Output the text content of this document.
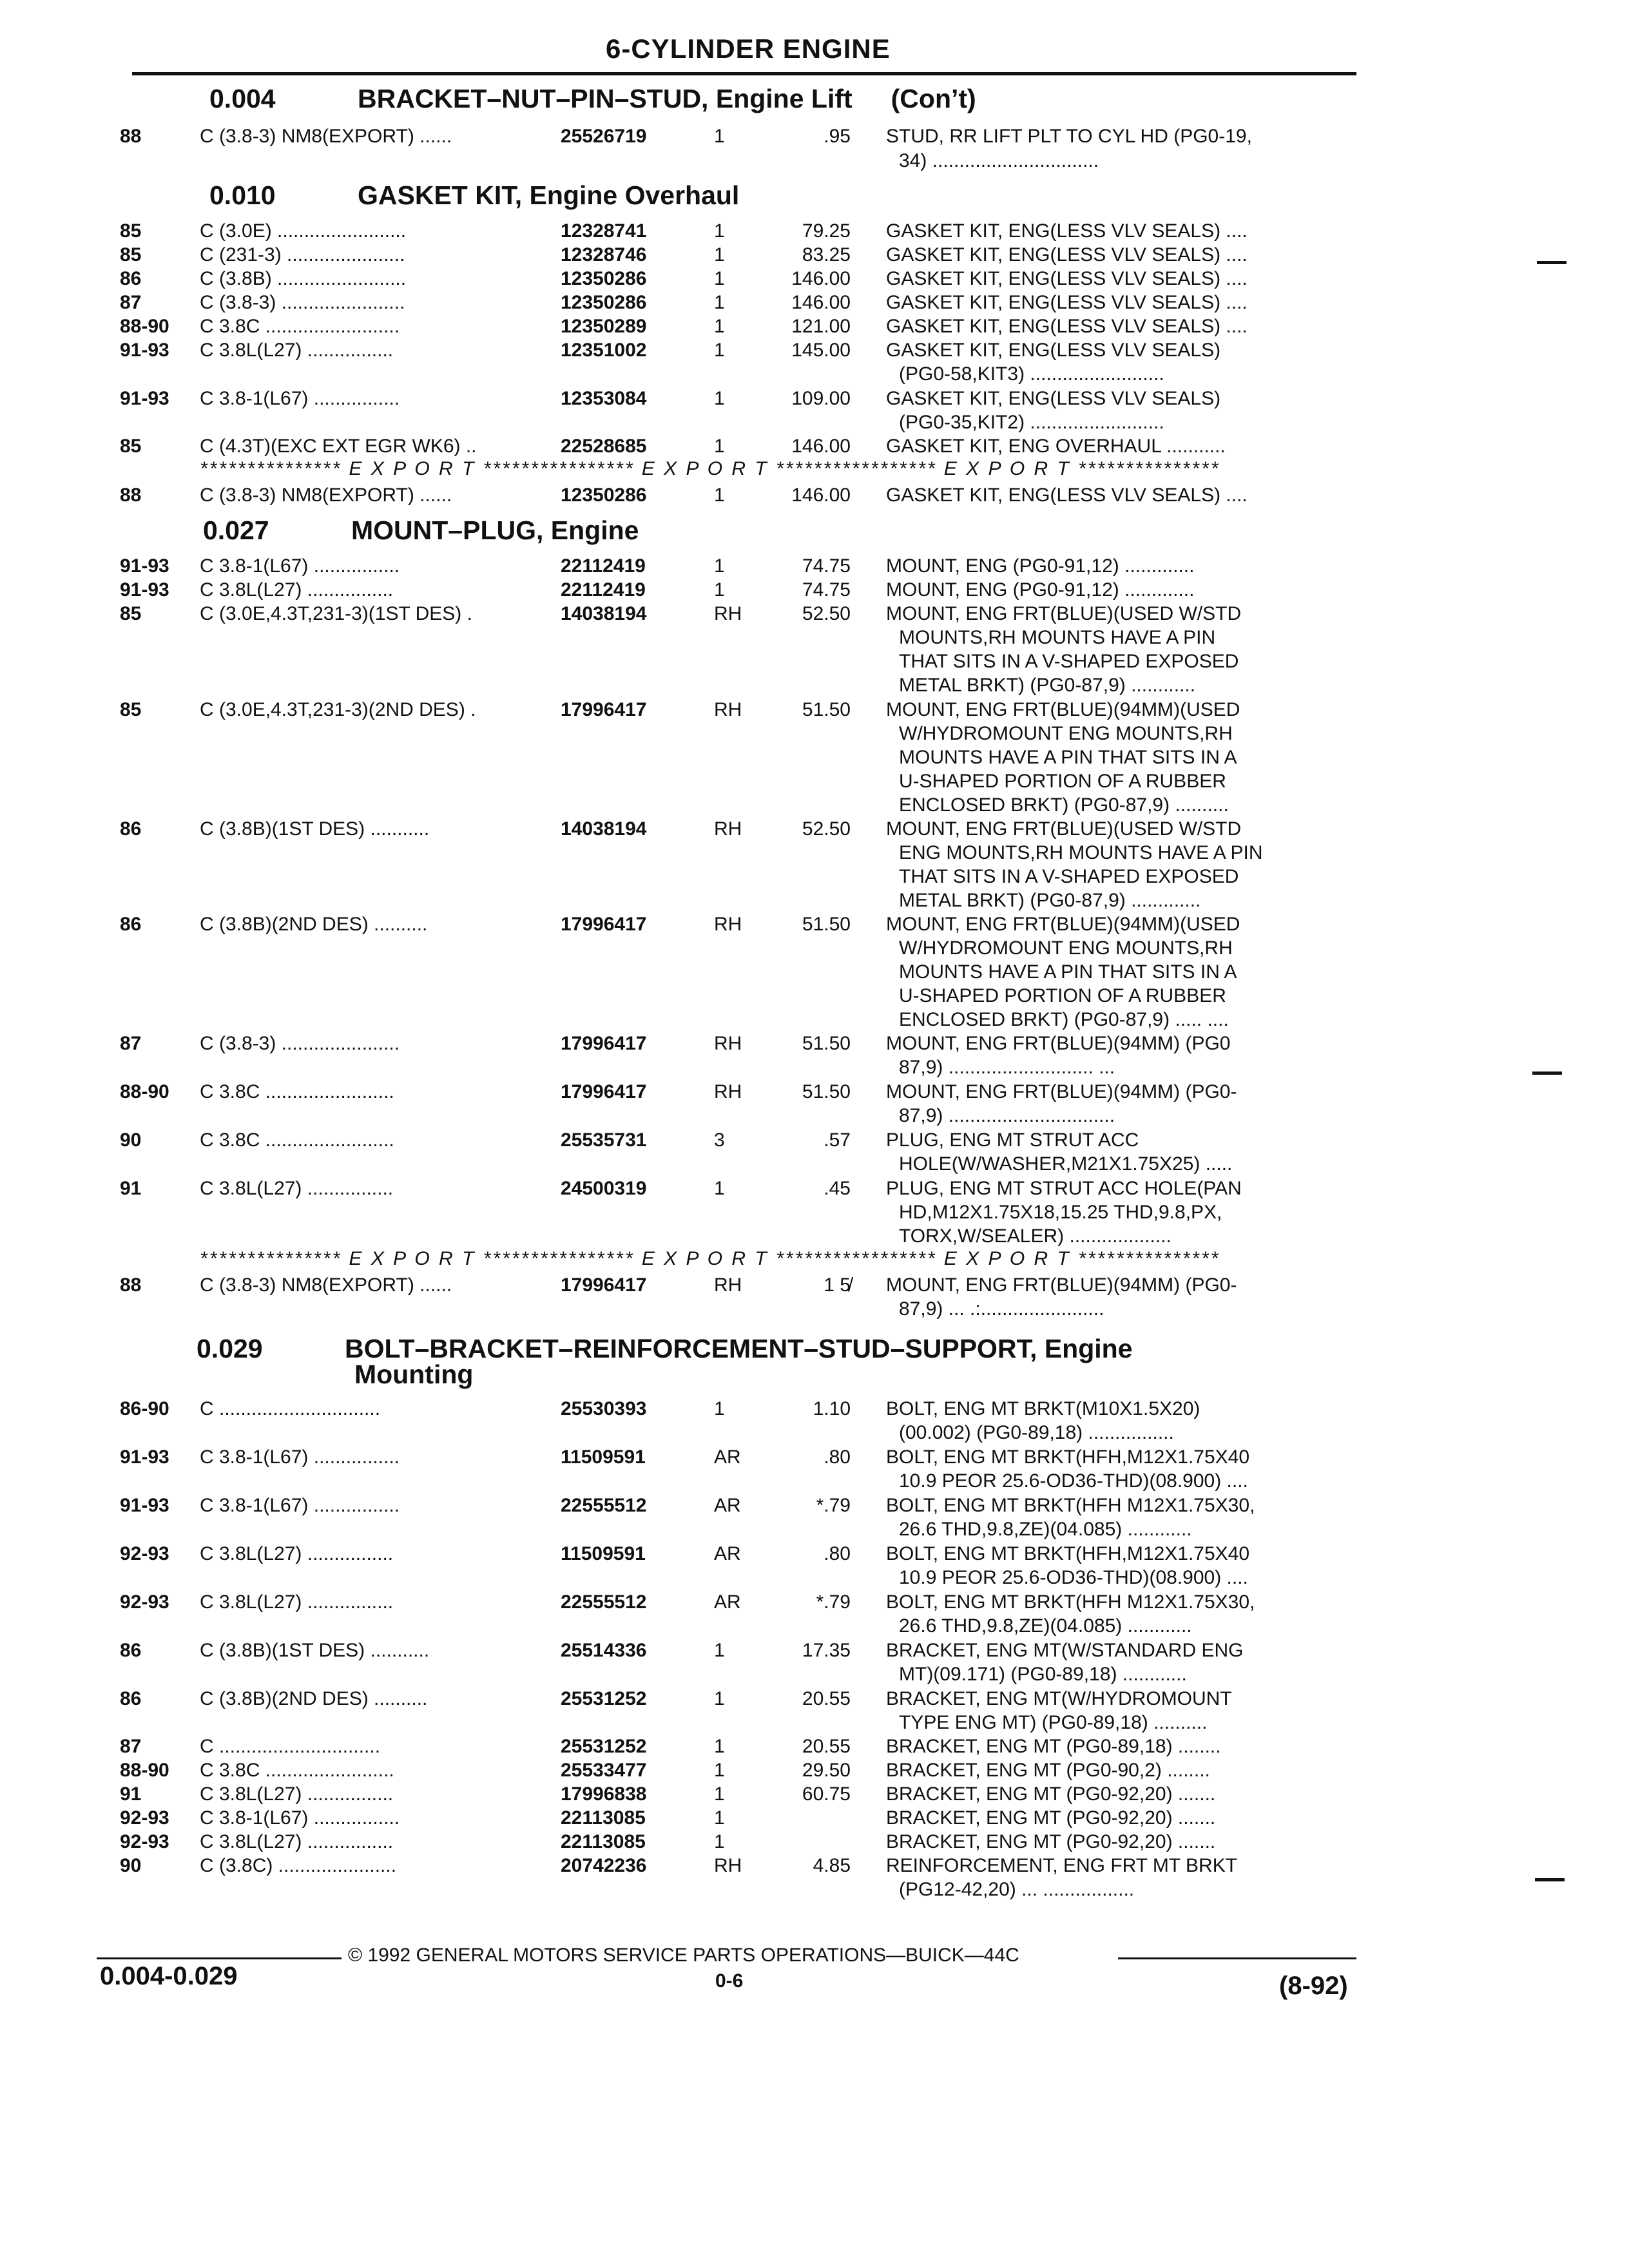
6-CYLINDER ENGINE
0.004	BRACKET–NUT–PIN–STUD, Engine Lift (Con’t)
88	C (3.8-3) NM8(EXPORT) ......	25526719	1	.95 STUD, RR LIFT PLT TO CYL HD (PG0-19,
34) ...............................
0.010	GASKET KIT, Engine Overhaul
85	C (3.0E) ........................	12328741	1	79.25 GASKET KIT, ENG(LESS VLV SEALS) ....
85	C (231-3) ......................	12328746	1	83.25 GASKET KIT, ENG(LESS VLV SEALS) ....
86	C (3.8B) ........................	12350286	1	146.00 GASKET KIT, ENG(LESS VLV SEALS) ....
87	C (3.8-3) .......................	12350286	1	146.00 GASKET KIT, ENG(LESS VLV SEALS) ....
88-90 C 3.8C .........................	12350289	1	121.00 GASKET KIT, ENG(LESS VLV SEALS) ....
91-93 C 3.8L(L27) ................	12351002	1	145.00 GASKET KIT, ENG(LESS VLV SEALS)
(PG0-58,KIT3) .........................
91-93 C 3.8-1(L67) ................	12353084	1	109.00 GASKET KIT, ENG(LESS VLV SEALS)
(PG0-35,KIT2) .........................
85	C (4.3T)(EXC EXT EGR WK6) ..	22528685	1	146.00 GASKET KIT, ENG OVERHAUL ...........
*************** E X P O R T **************** E X P O R T ***************** E X P O R T ***************
88	C (3.8-3) NM8(EXPORT) ......	12350286	1	146.00 GASKET KIT, ENG(LESS VLV SEALS) ....
0.027	MOUNT–PLUG, Engine
91-93 C 3.8-1(L67) ................	22112419	1	74.75 MOUNT, ENG (PG0-91,12) .............
91-93 C 3.8L(L27) ................	22112419	1	74.75 MOUNT, ENG (PG0-91,12) .............
85	C (3.0E,4.3T,231-3)(1ST DES) .	14038194	RH	52.50 MOUNT, ENG FRT(BLUE)(USED W/STD
MOUNTS,RH MOUNTS HAVE A PIN
THAT SITS IN A V-SHAPED EXPOSED
METAL BRKT) (PG0-87,9) ............
85	C (3.0E,4.3T,231-3)(2ND DES) .	17996417	RH	51.50 MOUNT, ENG FRT(BLUE)(94MM)(USED
W/HYDROMOUNT ENG MOUNTS,RH
MOUNTS HAVE A PIN THAT SITS IN A
U-SHAPED PORTION OF A RUBBER
ENCLOSED BRKT) (PG0-87,9) ..........
86	C (3.8B)(1ST DES) ...........	14038194	RH	52.50 MOUNT, ENG FRT(BLUE)(USED W/STD
ENG MOUNTS,RH MOUNTS HAVE A PIN
THAT SITS IN A V-SHAPED EXPOSED
METAL BRKT) (PG0-87,9) .............
86	C (3.8B)(2ND DES) ..........	17996417	RH	51.50 MOUNT, ENG FRT(BLUE)(94MM)(USED
W/HYDROMOUNT ENG MOUNTS,RH
MOUNTS HAVE A PIN THAT SITS IN A
U-SHAPED PORTION OF A RUBBER
ENCLOSED BRKT) (PG0-87,9) ..... ....
87	C (3.8-3) ......................	17996417	RH	51.50 MOUNT, ENG FRT(BLUE)(94MM) (PG0
87,9) ........................... ...
88-90 C 3.8C ........................	17996417	RH	51.50 MOUNT, ENG FRT(BLUE)(94MM) (PG0-
87,9) ...............................
90	C 3.8C ........................	25535731	3	.57 PLUG, ENG MT STRUT ACC
HOLE(W/WASHER,M21X1.75X25) .....
91	C 3.8L(L27) ................	24500319	1	.45 PLUG, ENG MT STRUT ACC HOLE(PAN
HD,M12X1.75X18,15.25 THD,9.8,PX,
TORX,W/SEALER) ...................
*************** E X P O R T **************** E X P O R T ***************** E X P O R T ***************
88	C (3.8-3) NM8(EXPORT) ......	17996417	RH	1 5̸ MOUNT, ENG FRT(BLUE)(94MM) (PG0-
87,9) ... .:.......................
0.029	BOLT–BRACKET–REINFORCEMENT–STUD–SUPPORT, Engine
Mounting
86-90 C ..............................	25530393	1	1.10 BOLT, ENG MT BRKT(M10X1.5X20)
(00.002) (PG0-89,18) ................
91-93 C 3.8-1(L67) ................	11509591	AR	.80 BOLT, ENG MT BRKT(HFH,M12X1.75X40
10.9 PEOR 25.6-OD36-THD)(08.900) ....
91-93 C 3.8-1(L67) ................	22555512	AR	*.79 BOLT, ENG MT BRKT(HFH M12X1.75X30,
26.6 THD,9.8,ZE)(04.085) ............
92-93 C 3.8L(L27) ................	11509591	AR	.80 BOLT, ENG MT BRKT(HFH,M12X1.75X40
10.9 PEOR 25.6-OD36-THD)(08.900) ....
92-93 C 3.8L(L27) ................	22555512	AR	*.79 BOLT, ENG MT BRKT(HFH M12X1.75X30,
26.6 THD,9.8,ZE)(04.085) ............
86	C (3.8B)(1ST DES) ...........	25514336	1	17.35 BRACKET, ENG MT(W/STANDARD ENG
MT)(09.171) (PG0-89,18) ............
86	C (3.8B)(2ND DES) ..........	25531252	1	20.55 BRACKET, ENG MT(W/HYDROMOUNT
TYPE ENG MT) (PG0-89,18) ..........
87	C ..............................	25531252	1	20.55 BRACKET, ENG MT (PG0-89,18) ........
88-90 C 3.8C ........................	25533477	1	29.50 BRACKET, ENG MT (PG0-90,2) ........
91	C 3.8L(L27) ................	17996838	1	60.75 BRACKET, ENG MT (PG0-92,20) .......
92-93 C 3.8-1(L67) ................	22113085	1	BRACKET, ENG MT (PG0-92,20) .......
92-93 C 3.8L(L27) ................	22113085	1	BRACKET, ENG MT (PG0-92,20) .......
90	C (3.8C) ......................	20742236	RH	4.85 REINFORCEMENT, ENG FRT MT BRKT
(PG12-42,20) ... .................
© 1992 GENERAL MOTORS SERVICE PARTS OPERATIONS—BUICK—44C
0.004-0.029	0-6	(8-92)
